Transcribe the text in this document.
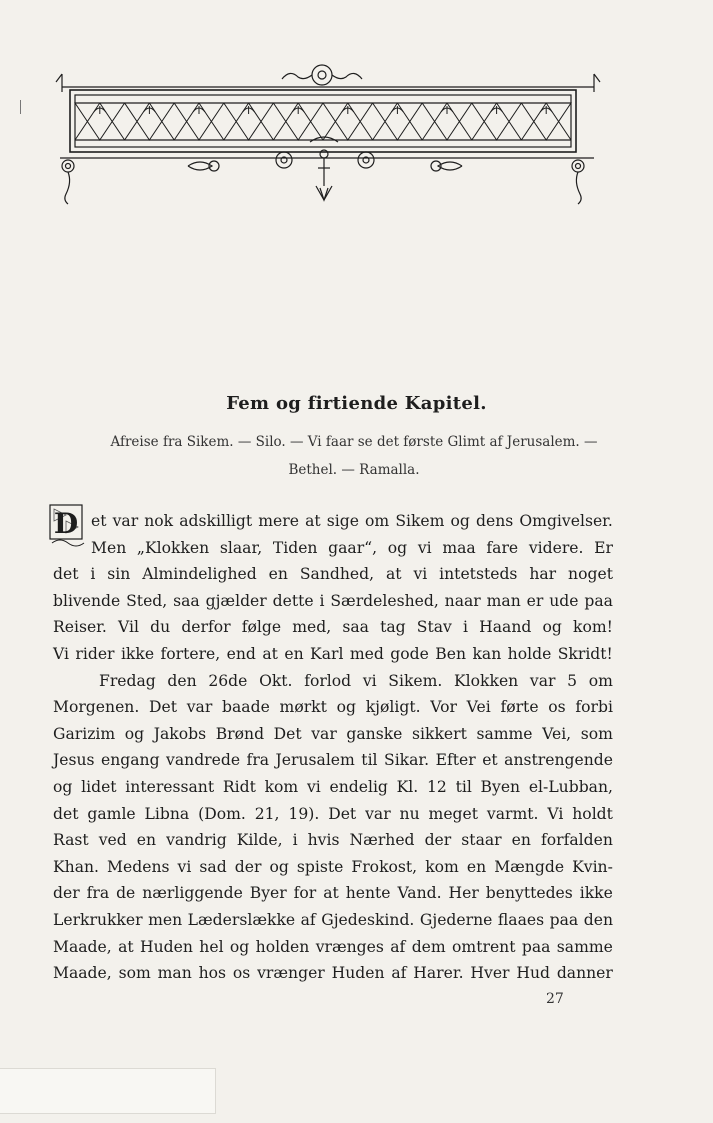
Fem og firtiende Kapitel.
Afreise fra Sikem. — Silo. — Vi faar se det første Glimt af Jerusalem. —
Bethel. — Ramalla.
D et var nok adskilligt mere at sige om Sikem og dens Omgivelser.
Men „Klokken slaar, Tiden gaar“, og vi maa fare videre. Er
det i sin Almindelighed en Sandhed, at vi intetsteds har noget
blivende Sted, saa gjælder dette i Særdeleshed, naar man er ude paa
Reiser. Vil du derfor følge med, saa tag Stav i Haand og kom!
Vi rider ikke fortere, end at en Karl med gode Ben kan holde Skridt!
Fredag den 26de Okt. forlod vi Sikem. Klokken var 5 om
Morgenen. Det var baade mørkt og kjøligt. Vor Vei førte os forbi
Garizim og Jakobs Brønd Det var ganske sikkert samme Vei, som
Jesus engang vandrede fra Jerusalem til Sikar. Efter et anstrengende
og lidet interessant Ridt kom vi endelig Kl. 12 til Byen el-Lubban,
det gamle Libna (Dom. 21, 19). Det var nu meget varmt. Vi holdt
Rast ved en vandrig Kilde, i hvis Nærhed der staar en forfalden
Khan. Medens vi sad der og spiste Frokost, kom en Mængde Kvin-
der fra de nærliggende Byer for at hente Vand. Her benyttedes ikke
Lerkrukker men Læderslække af Gjedeskind. Gjederne flaaes paa den
Maade, at Huden hel og holden vrænges af dem omtrent paa samme
Maade, som man hos os vrænger Huden af Harer. Hver Hud danner
27
